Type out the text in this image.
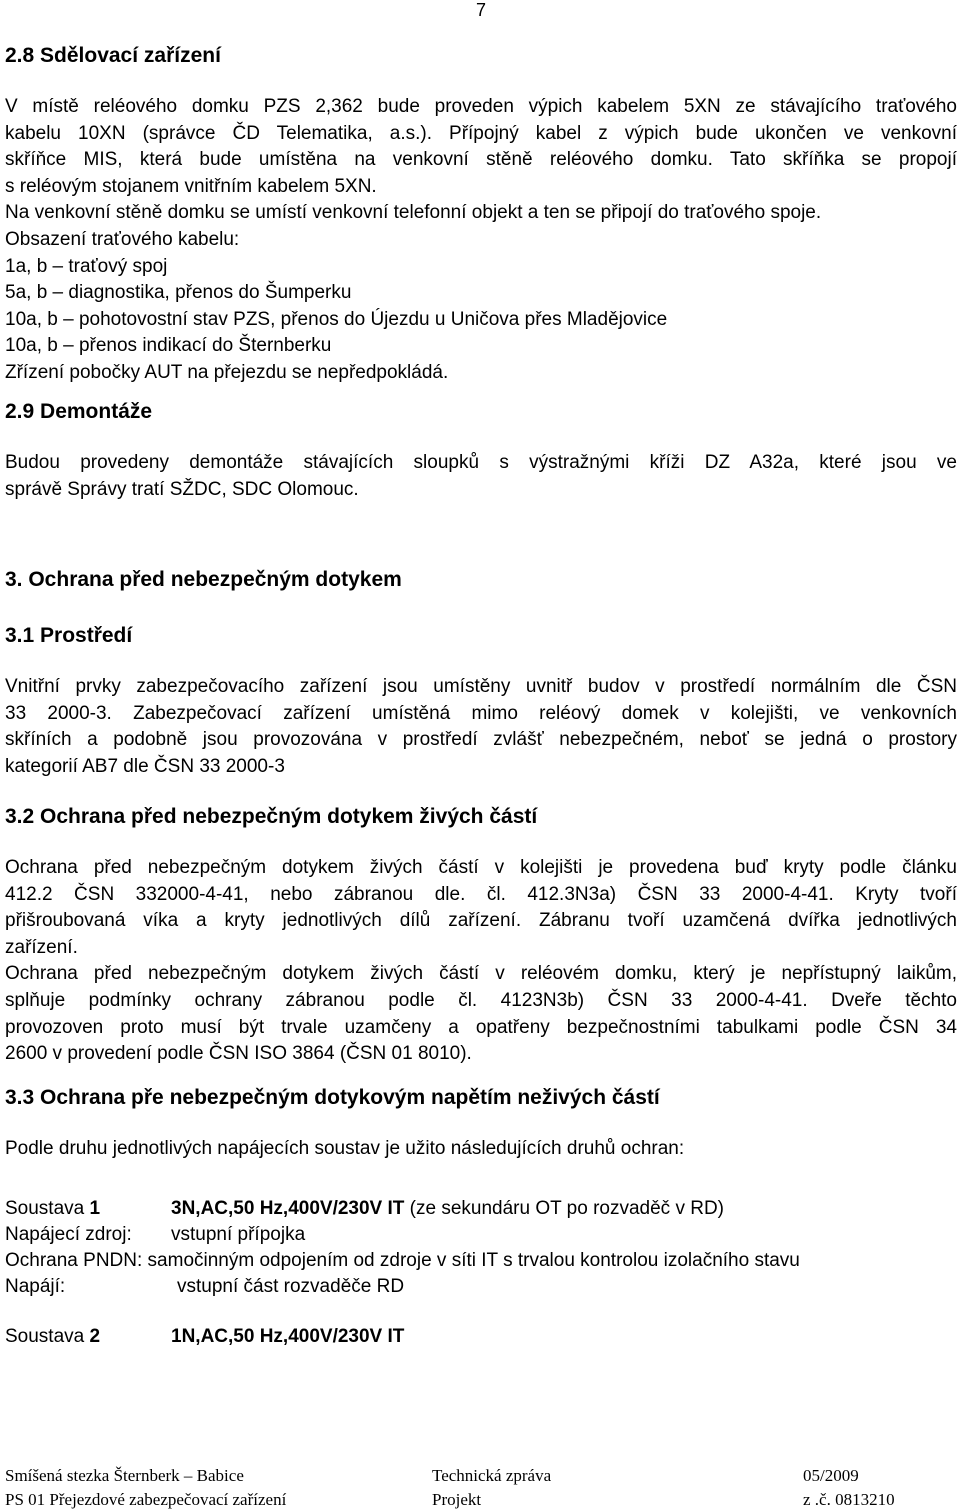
7
2.8 Sdělovací zařízení
V místě reléového domku PZS 2,362 bude proveden výpich kabelem 5XN ze stávajícího traťového
kabelu 10XN (správce ČD Telematika, a.s.). Přípojný kabel z výpich bude ukončen ve venkovní
skříňce MIS, která bude umístěna na venkovní stěně reléového domku. Tato skříňka se propojí
s reléovým stojanem vnitřním kabelem 5XN.
Na venkovní stěně domku se umístí venkovní telefonní objekt a ten se připojí do traťového spoje.
Obsazení traťového kabelu:
1a, b – traťový spoj
5a, b – diagnostika, přenos do Šumperku
10a, b – pohotovostní stav PZS, přenos do Újezdu u Uničova přes Mladějovice
10a, b – přenos indikací do Šternberku
Zřízení pobočky AUT na přejezdu se nepředpokládá.
2.9 Demontáže
Budou provedeny demontáže stávajících sloupků s výstražnými kříži DZ A32a, které jsou ve
správě Správy tratí SŽDC, SDC Olomouc.
3. Ochrana před nebezpečným dotykem
3.1 Prostředí
Vnitřní prvky zabezpečovacího zařízení jsou umístěny uvnitř budov v prostředí normálním dle ČSN
33 2000-3. Zabezpečovací zařízení umístěná mimo reléový domek v kolejišti, ve venkovních
skříních a podobně jsou provozována v prostředí zvlášť nebezpečném, neboť se jedná o prostory
kategorií AB7 dle ČSN 33 2000-3
3.2 Ochrana před nebezpečným dotykem živých částí
Ochrana před nebezpečným dotykem živých částí v kolejišti je provedena buď kryty podle článku
412.2 ČSN 332000-4-41, nebo zábranou dle. čl. 412.3N3a) ČSN 33 2000-4-41. Kryty tvoří
přišroubovaná víka a kryty jednotlivých dílů zařízení. Zábranu tvoří uzamčená dvířka jednotlivých
zařízení.
Ochrana před nebezpečným dotykem živých částí v reléovém domku, který je nepřístupný laikům,
splňuje podmínky ochrany zábranou podle čl. 4123N3b) ČSN 33 2000-4-41. Dveře těchto
provozoven proto musí být trvale uzamčeny a opatřeny bezpečnostními tabulkami podle ČSN 34
2600 v provedení podle ČSN ISO 3864 (ČSN 01 8010).
3.3 Ochrana pře nebezpečným dotykovým napětím neživých částí
Podle druhu jednotlivých napájecích soustav je užito následujících druhů ochran:
Soustava 1	3N,AC,50 Hz,400V/230V IT (ze sekundáru OT po rozvaděč v RD)
Napájecí zdroj: vstupní přípojka
Ochrana PNDN: samočinným odpojením od zdroje v síti IT s trvalou kontrolou izolačního stavu
Napájí:	vstupní část rozvaděče RD
Soustava 2	1N,AC,50 Hz,400V/230V IT
Smíšená stezka Šternberk – Babice	Technická zpráva	05/2009
PS 01 Přejezdové zabezpečovací zařízení	Projekt	z .č. 0813210
